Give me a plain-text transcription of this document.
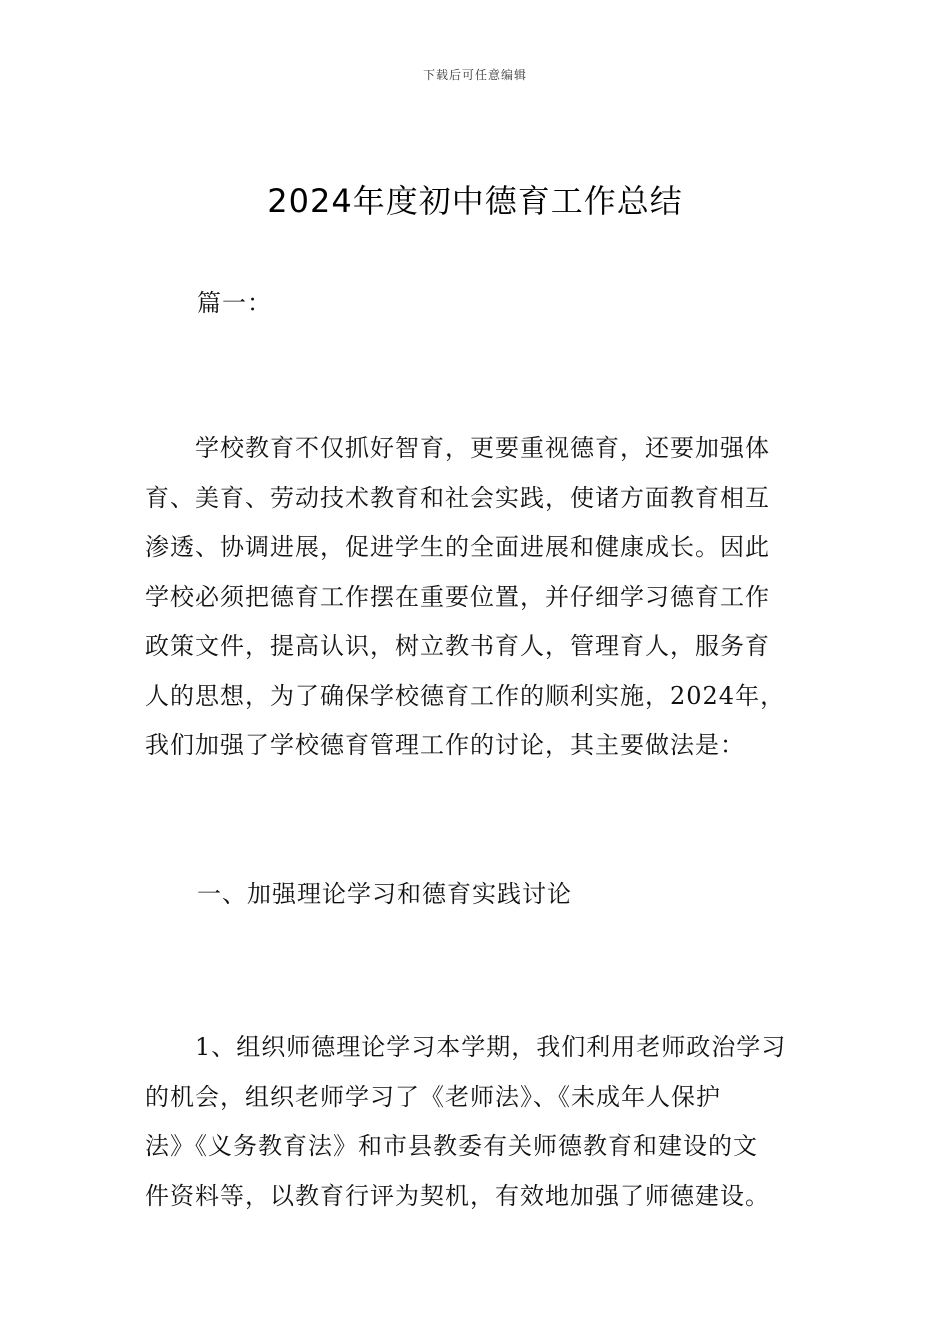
下载后可任意编辑
2024年度初中德育工作总结

篇一：

　　学校教育不仅抓好智育，更要重视德育，还要加强体
育、美育、劳动技术教育和社会实践，使诸方面教育相互
渗透、协调进展，促进学生的全面进展和健康成长。因此
学校必须把德育工作摆在重要位置，并仔细学习德育工作
政策文件，提高认识，树立教书育人，管理育人，服务育
人的思想，为了确保学校德育工作的顺利实施，2024年，
我们加强了学校德育管理工作的讨论，其主要做法是：

一、加强理论学习和德育实践讨论

　　1、组织师德理论学习本学期，我们利用老师政治学习
的机会，组织老师学习了《老师法》、《未成年人保护
法》《义务教育法》和市县教委有关师德教育和建设的文
件资料等，以教育行评为契机，有效地加强了师德建设。
